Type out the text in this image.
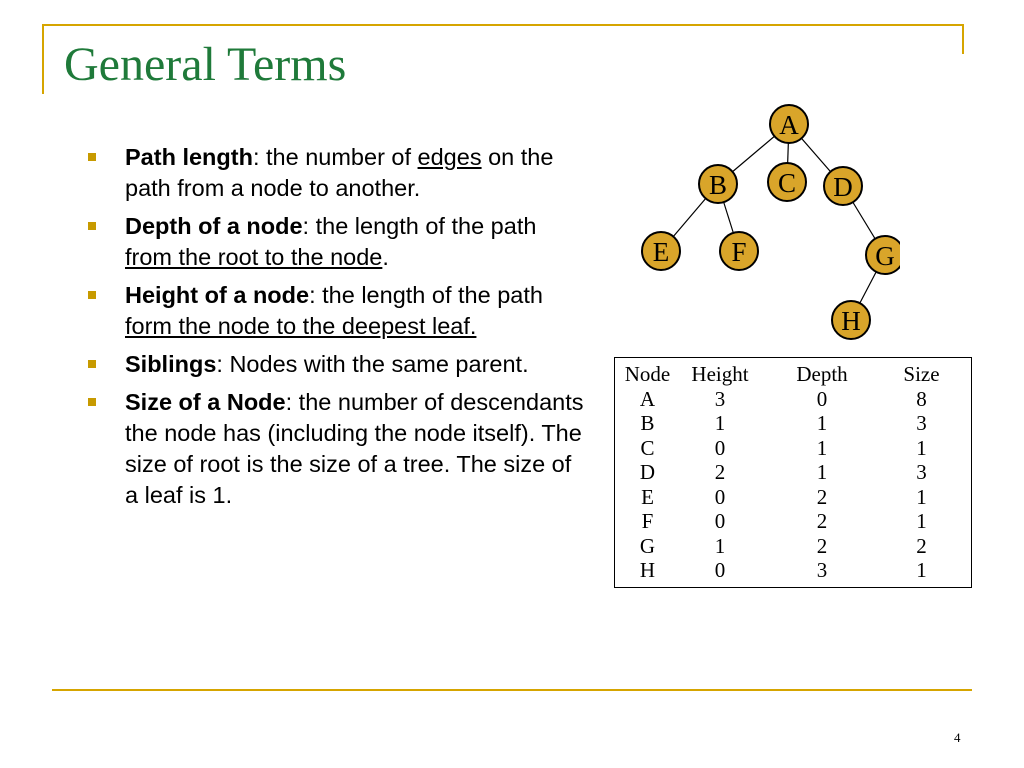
General Terms
Path length: the number of edges on the path from a node to another.
Depth of a node: the length of the path from the root to the node.
Height of a node: the length of the path form the node to the deepest leaf.
Siblings: Nodes with the same parent.
Size of a Node: the number of descendants the node has (including the node itself). The size of root is the size of a tree. The size of a leaf is 1.
A
B C D
E F	G
H
Node	Height	Depth	Size
A	3	0	8
B	1	1	3
C	0	1	1
D	2	1	3
E	0	2	1
F	0	2	1
G	1	2	2
H	0	3	1
4
